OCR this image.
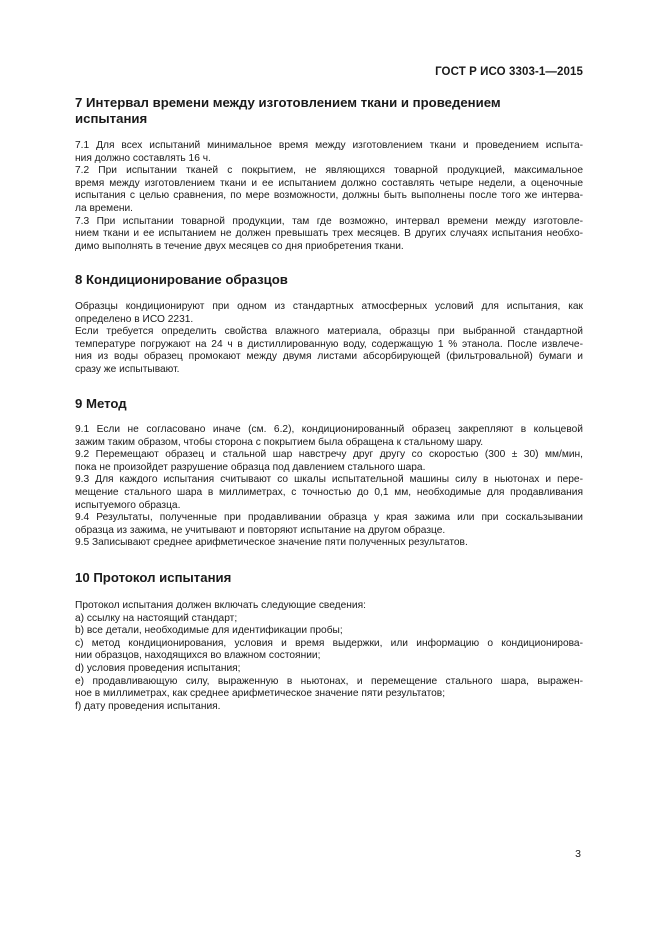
ГОСТ Р ИСО 3303-1—2015
7 Интервал времени между изготовлением ткани и проведением
испытания
7.1 Для всех испытаний минимальное время между изготовлением ткани и проведением испыта-
ния должно составлять 16 ч.
7.2 При испытании тканей с покрытием, не являющихся товарной продукцией, максимальное
время между изготовлением ткани и ее испытанием должно составлять четыре недели, а оценочные
испытания с целью сравнения, по мере возможности, должны быть выполнены после того же интерва-
ла времени.
7.3 При испытании товарной продукции, там где возможно, интервал времени между изготовле-
нием ткани и ее испытанием не должен превышать трех месяцев. В других случаях испытания необхо-
димо выполнять в течение двух месяцев со дня приобретения ткани.
8 Кондиционирование образцов
Образцы кондиционируют при одном из стандартных атмосферных условий для испытания, как
определено в ИСО 2231.
Если требуется определить свойства влажного материала, образцы при выбранной стандартной
температуре погружают на 24 ч в дистиллированную воду, содержащую 1 % этанола. После извлече-
ния из воды образец промокают между двумя листами абсорбирующей (фильтровальной) бумаги и
сразу же испытывают.
9 Метод
9.1 Если не согласовано иначе (см. 6.2), кондиционированный образец закрепляют в кольцевой
зажим таким образом, чтобы сторона с покрытием была обращена к стальному шару.
9.2 Перемещают образец и стальной шар навстречу друг другу со скоростью (300 ± 30) мм/мин,
пока не произойдет разрушение образца под давлением стального шара.
9.3 Для каждого испытания считывают со шкалы испытательной машины силу в ньютонах и пере-
мещение стального шара в миллиметрах, с точностью до 0,1 мм, необходимые для продавливания
испытуемого образца.
9.4 Результаты, полученные при продавливании образца у края зажима или при соскальзывании
образца из зажима, не учитывают и повторяют испытание на другом образце.
9.5 Записывают среднее арифметическое значение пяти полученных результатов.
10 Протокол испытания
Протокол испытания должен включать следующие сведения:
a) ссылку на настоящий стандарт;
b) все детали, необходимые для идентификации пробы;
c) метод кондиционирования, условия и время выдержки, или информацию о кондиционирова-
нии образцов, находящихся во влажном состоянии;
d) условия проведения испытания;
e) продавливающую силу, выраженную в ньютонах, и перемещение стального шара, выражен-
ное в миллиметрах, как среднее арифметическое значение пяти результатов;
f) дату проведения испытания.
3
